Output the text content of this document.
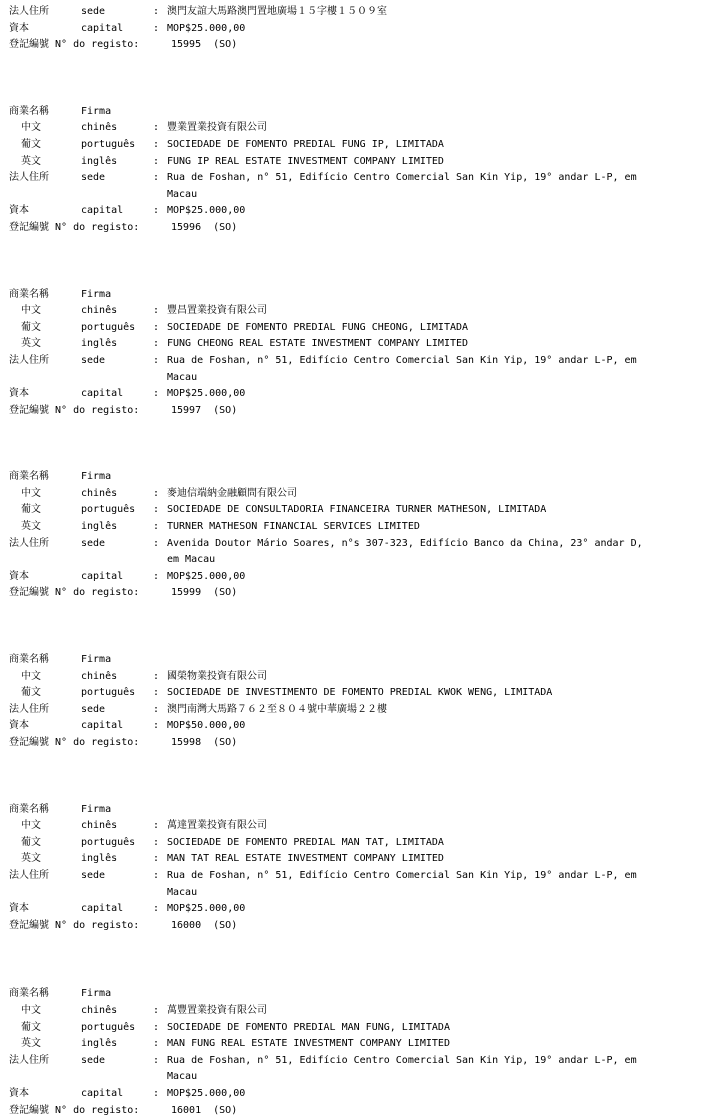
法人住所	sede	: 澳門友誼大馬路澳門置地廣場１５字樓１５０９室
資本	capital	: MOP$25.000,00
登記編號 N° do registo:	15995  (SO)
商業名稱	Firma
中文	chinês	: 豐業置業投資有限公司
葡文	português	: SOCIEDADE DE FOMENTO PREDIAL FUNG IP, LIMITADA
英文	inglês	: FUNG IP REAL ESTATE INVESTMENT COMPANY LIMITED
法人住所	sede	: Rua de Foshan, n° 51, Edifício Centro Comercial San Kin Yip, 19° andar L-P, em
Macau
資本	capital	: MOP$25.000,00
登記編號 N° do registo:	15996  (SO)
商業名稱	Firma
中文	chinês	: 豐昌置業投資有限公司
葡文	português	: SOCIEDADE DE FOMENTO PREDIAL FUNG CHEONG, LIMITADA
英文	inglês	: FUNG CHEONG REAL ESTATE INVESTMENT COMPANY LIMITED
法人住所	sede	: Rua de Foshan, n° 51, Edifício Centro Comercial San Kin Yip, 19° andar L-P, em
Macau
資本	capital	: MOP$25.000,00
登記編號 N° do registo:	15997  (SO)
商業名稱	Firma
中文	chinês	: 麥迪信端納金融顧問有限公司
葡文	português	: SOCIEDADE DE CONSULTADORIA FINANCEIRA TURNER MATHESON, LIMITADA
英文	inglês	: TURNER MATHESON FINANCIAL SERVICES LIMITED
法人住所	sede	: Avenida Doutor Mário Soares, n°s 307-323, Edifício Banco da China, 23° andar D,
em Macau
資本	capital	: MOP$25.000,00
登記編號 N° do registo:	15999  (SO)
商業名稱	Firma
中文	chinês	: 國榮物業投資有限公司
葡文	português	: SOCIEDADE DE INVESTIMENTO DE FOMENTO PREDIAL KWOK WENG, LIMITADA
法人住所	sede	: 澳門南灣大馬路７６２至８０４號中華廣場２２樓
資本	capital	: MOP$50.000,00
登記編號 N° do registo:	15998  (SO)
商業名稱	Firma
中文	chinês	: 萬達置業投資有限公司
葡文	português	: SOCIEDADE DE FOMENTO PREDIAL MAN TAT, LIMITADA
英文	inglês	: MAN TAT REAL ESTATE INVESTMENT COMPANY LIMITED
法人住所	sede	: Rua de Foshan, n° 51, Edifício Centro Comercial San Kin Yip, 19° andar L-P, em
Macau
資本	capital	: MOP$25.000,00
登記編號 N° do registo:	16000  (SO)
商業名稱	Firma
中文	chinês	: 萬豐置業投資有限公司
葡文	português	: SOCIEDADE DE FOMENTO PREDIAL MAN FUNG, LIMITADA
英文	inglês	: MAN FUNG REAL ESTATE INVESTMENT COMPANY LIMITED
法人住所	sede	: Rua de Foshan, n° 51, Edifício Centro Comercial San Kin Yip, 19° andar L-P, em
Macau
資本	capital	: MOP$25.000,00
登記編號 N° do registo:	16001  (SO)
